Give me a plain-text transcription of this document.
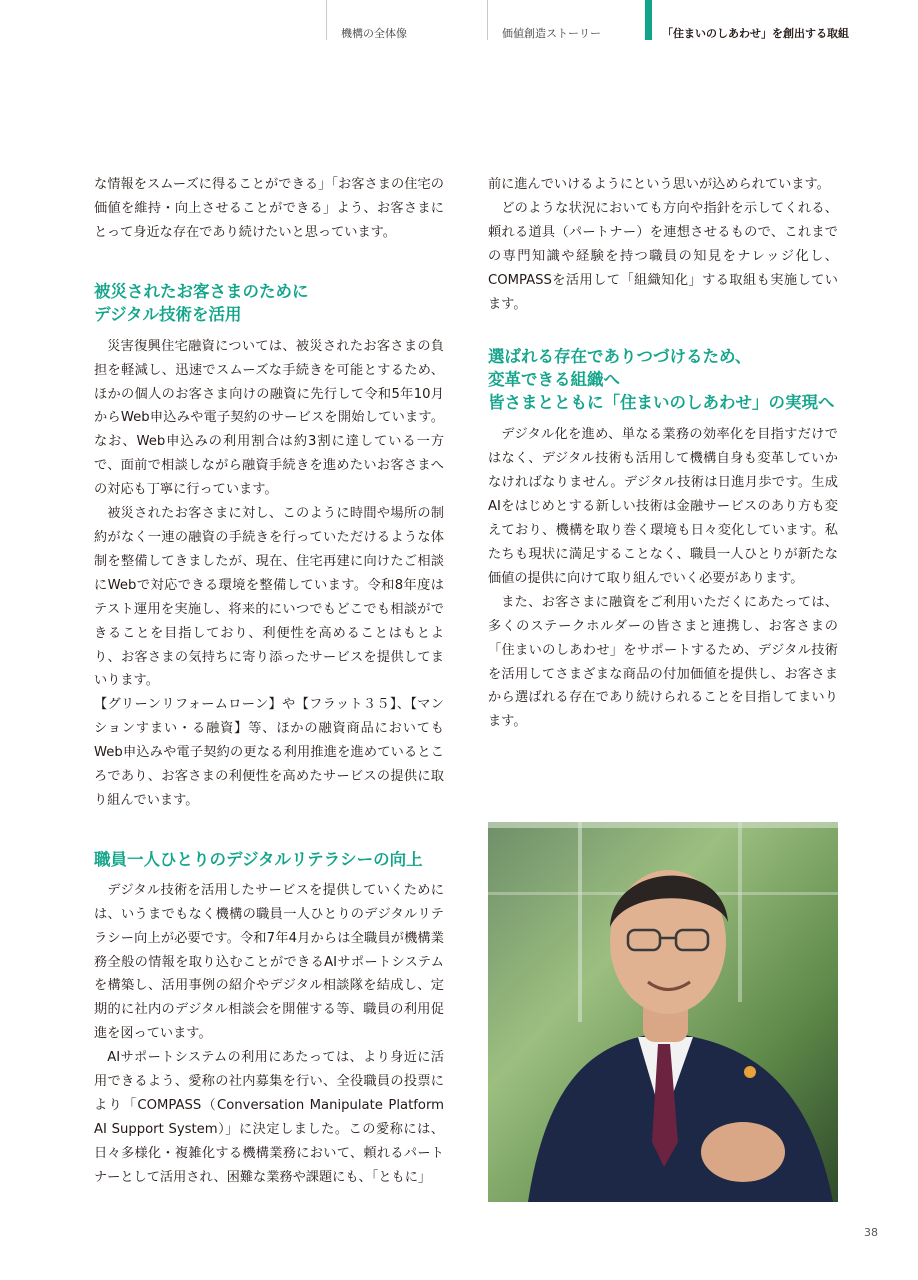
機構の全体像	価値創造ストーリー	「住まいのしあわせ」を創出する取組

な情報をスムーズに得ることができる」「お客さまの住宅の価値を維持・向上させることができる」よう、お客さまにとって身近な存在であり続けたいと思っています。

被災されたお客さまのために
デジタル技術を活用

災害復興住宅融資については、被災されたお客さまの負担を軽減し、迅速でスムーズな手続きを可能とするため、ほかの個人のお客さま向けの融資に先行して令和5年10月からWeb申込みや電子契約のサービスを開始しています。なお、Web申込みの利用割合は約3割に達している一方で、面前で相談しながら融資手続きを進めたいお客さまへの対応も丁寧に行っています。

被災されたお客さまに対し、このように時間や場所の制約がなく一連の融資の手続きを行っていただけるような体制を整備してきましたが、現在、住宅再建に向けたご相談にWebで対応できる環境を整備しています。令和8年度はテスト運用を実施し、将来的にいつでもどこでも相談ができることを目指しており、利便性を高めることはもとより、お客さまの気持ちに寄り添ったサービスを提供してまいります。

【グリーンリフォームローン】や【フラット３５】、【マンションすまい・る融資】等、ほかの融資商品においてもWeb申込みや電子契約の更なる利用推進を進めているところであり、お客さまの利便性を高めたサービスの提供に取り組んでいます。

職員一人ひとりのデジタルリテラシーの向上

デジタル技術を活用したサービスを提供していくためには、いうまでもなく機構の職員一人ひとりのデジタルリテラシー向上が必要です。令和7年4月からは全職員が機構業務全般の情報を取り込むことができるAIサポートシステムを構築し、活用事例の紹介やデジタル相談隊を結成し、定期的に社内のデジタル相談会を開催する等、職員の利用促進を図っています。

AIサポートシステムの利用にあたっては、より身近に活用できるよう、愛称の社内募集を行い、全役職員の投票により「COMPASS（Conversation Manipulate Platform AI Support System）」に決定しました。この愛称には、日々多様化・複雑化する機構業務において、頼れるパートナーとして活用され、困難な業務や課題にも、「ともに」

前に進んでいけるようにという思いが込められています。

どのような状況においても方向や指針を示してくれる、頼れる道具（パートナー）を連想させるもので、これまでの専門知識や経験を持つ職員の知見をナレッジ化し、COMPASSを活用して「組織知化」する取組も実施しています。

選ばれる存在でありつづけるため、
変革できる組織へ
皆さまとともに「住まいのしあわせ」の実現へ

デジタル化を進め、単なる業務の効率化を目指すだけではなく、デジタル技術も活用して機構自身も変革していかなければなりません。デジタル技術は日進月歩です。生成AIをはじめとする新しい技術は金融サービスのあり方も変えており、機構を取り巻く環境も日々変化しています。私たちも現状に満足することなく、職員一人ひとりが新たな価値の提供に向けて取り組んでいく必要があります。

また、お客さまに融資をご利用いただくにあたっては、多くのステークホルダーの皆さまと連携し、お客さまの「住まいのしあわせ」をサポートするため、デジタル技術を活用してさまざまな商品の付加価値を提供し、お客さまから選ばれる存在であり続けられることを目指してまいります。

38
